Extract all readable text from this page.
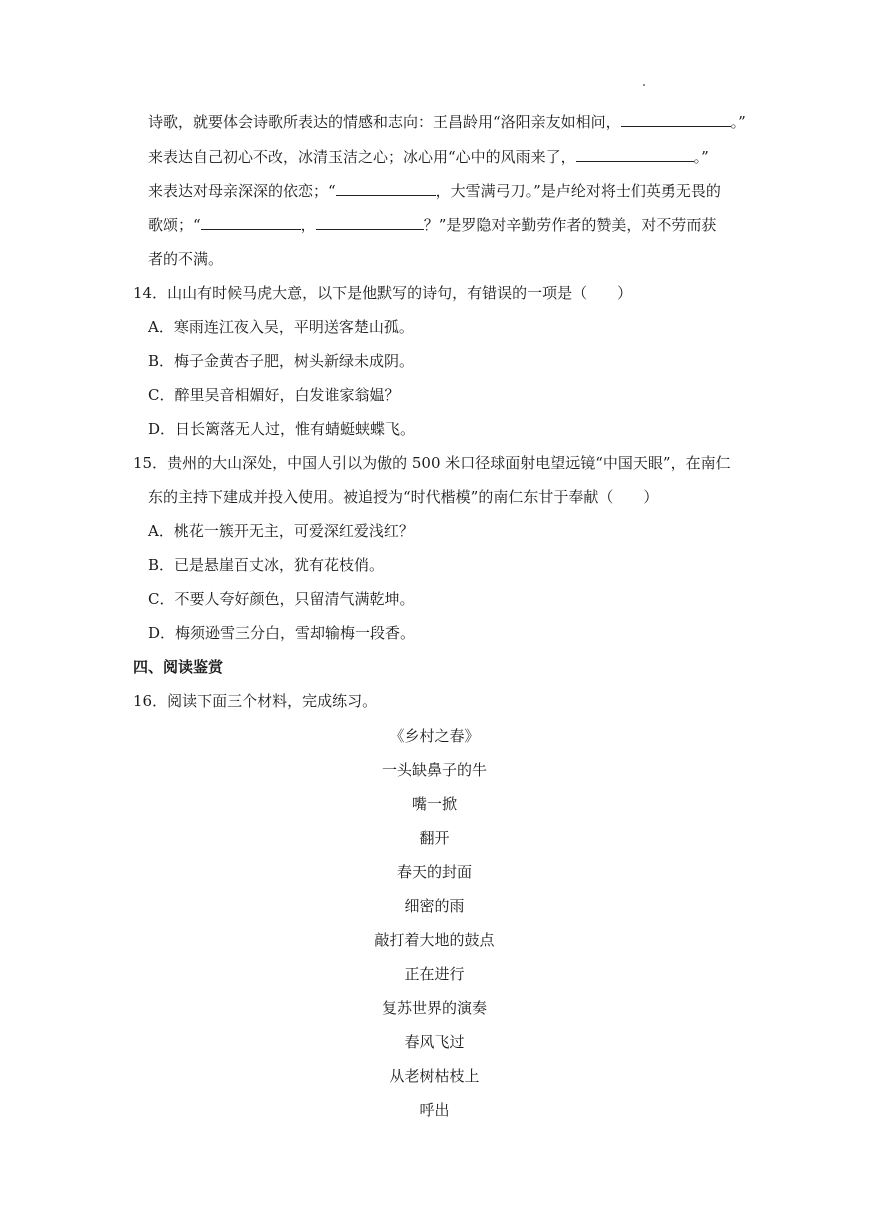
诗歌，就要体会诗歌所表达的情感和志向：王昌龄用“洛阳亲友如相问，	。”
来表达自己初心不改，冰清玉洁之心；冰心用“心中的风雨来了，	。”
来表达对母亲深深的依恋；“	，大雪满弓刀。”是卢纶对将士们英勇无畏的
歌颂；“	，	？”是罗隐对辛勤劳作者的赞美，对不劳而获
者的不满。
14．山山有时候马虎大意，以下是他默写的诗句，有错误的一项是（　　）
A．寒雨连江夜入吴，平明送客楚山孤。
B．梅子金黄杏子肥，树头新绿未成阴。
C．醉里吴音相媚好，白发谁家翁媪？
D．日长篱落无人过，惟有蜻蜓蛱蝶飞。
15．贵州的大山深处，中国人引以为傲的 500 米口径球面射电望远镜“中国天眼”，在南仁
东的主持下建成并投入使用。被追授为“时代楷模”的南仁东甘于奉献（　　）
A．桃花一簇开无主，可爱深红爱浅红？
B．已是悬崖百丈冰，犹有花枝俏。
C．不要人夸好颜色，只留清气满乾坤。
D．梅须逊雪三分白，雪却输梅一段香。
四、阅读鉴赏
16．阅读下面三个材料，完成练习。
《乡村之春》
一头缺鼻子的牛
嘴一掀
翻开
春天的封面
细密的雨
敲打着大地的鼓点
正在进行
复苏世界的演奏
春风飞过
从老树枯枝上
呼出
